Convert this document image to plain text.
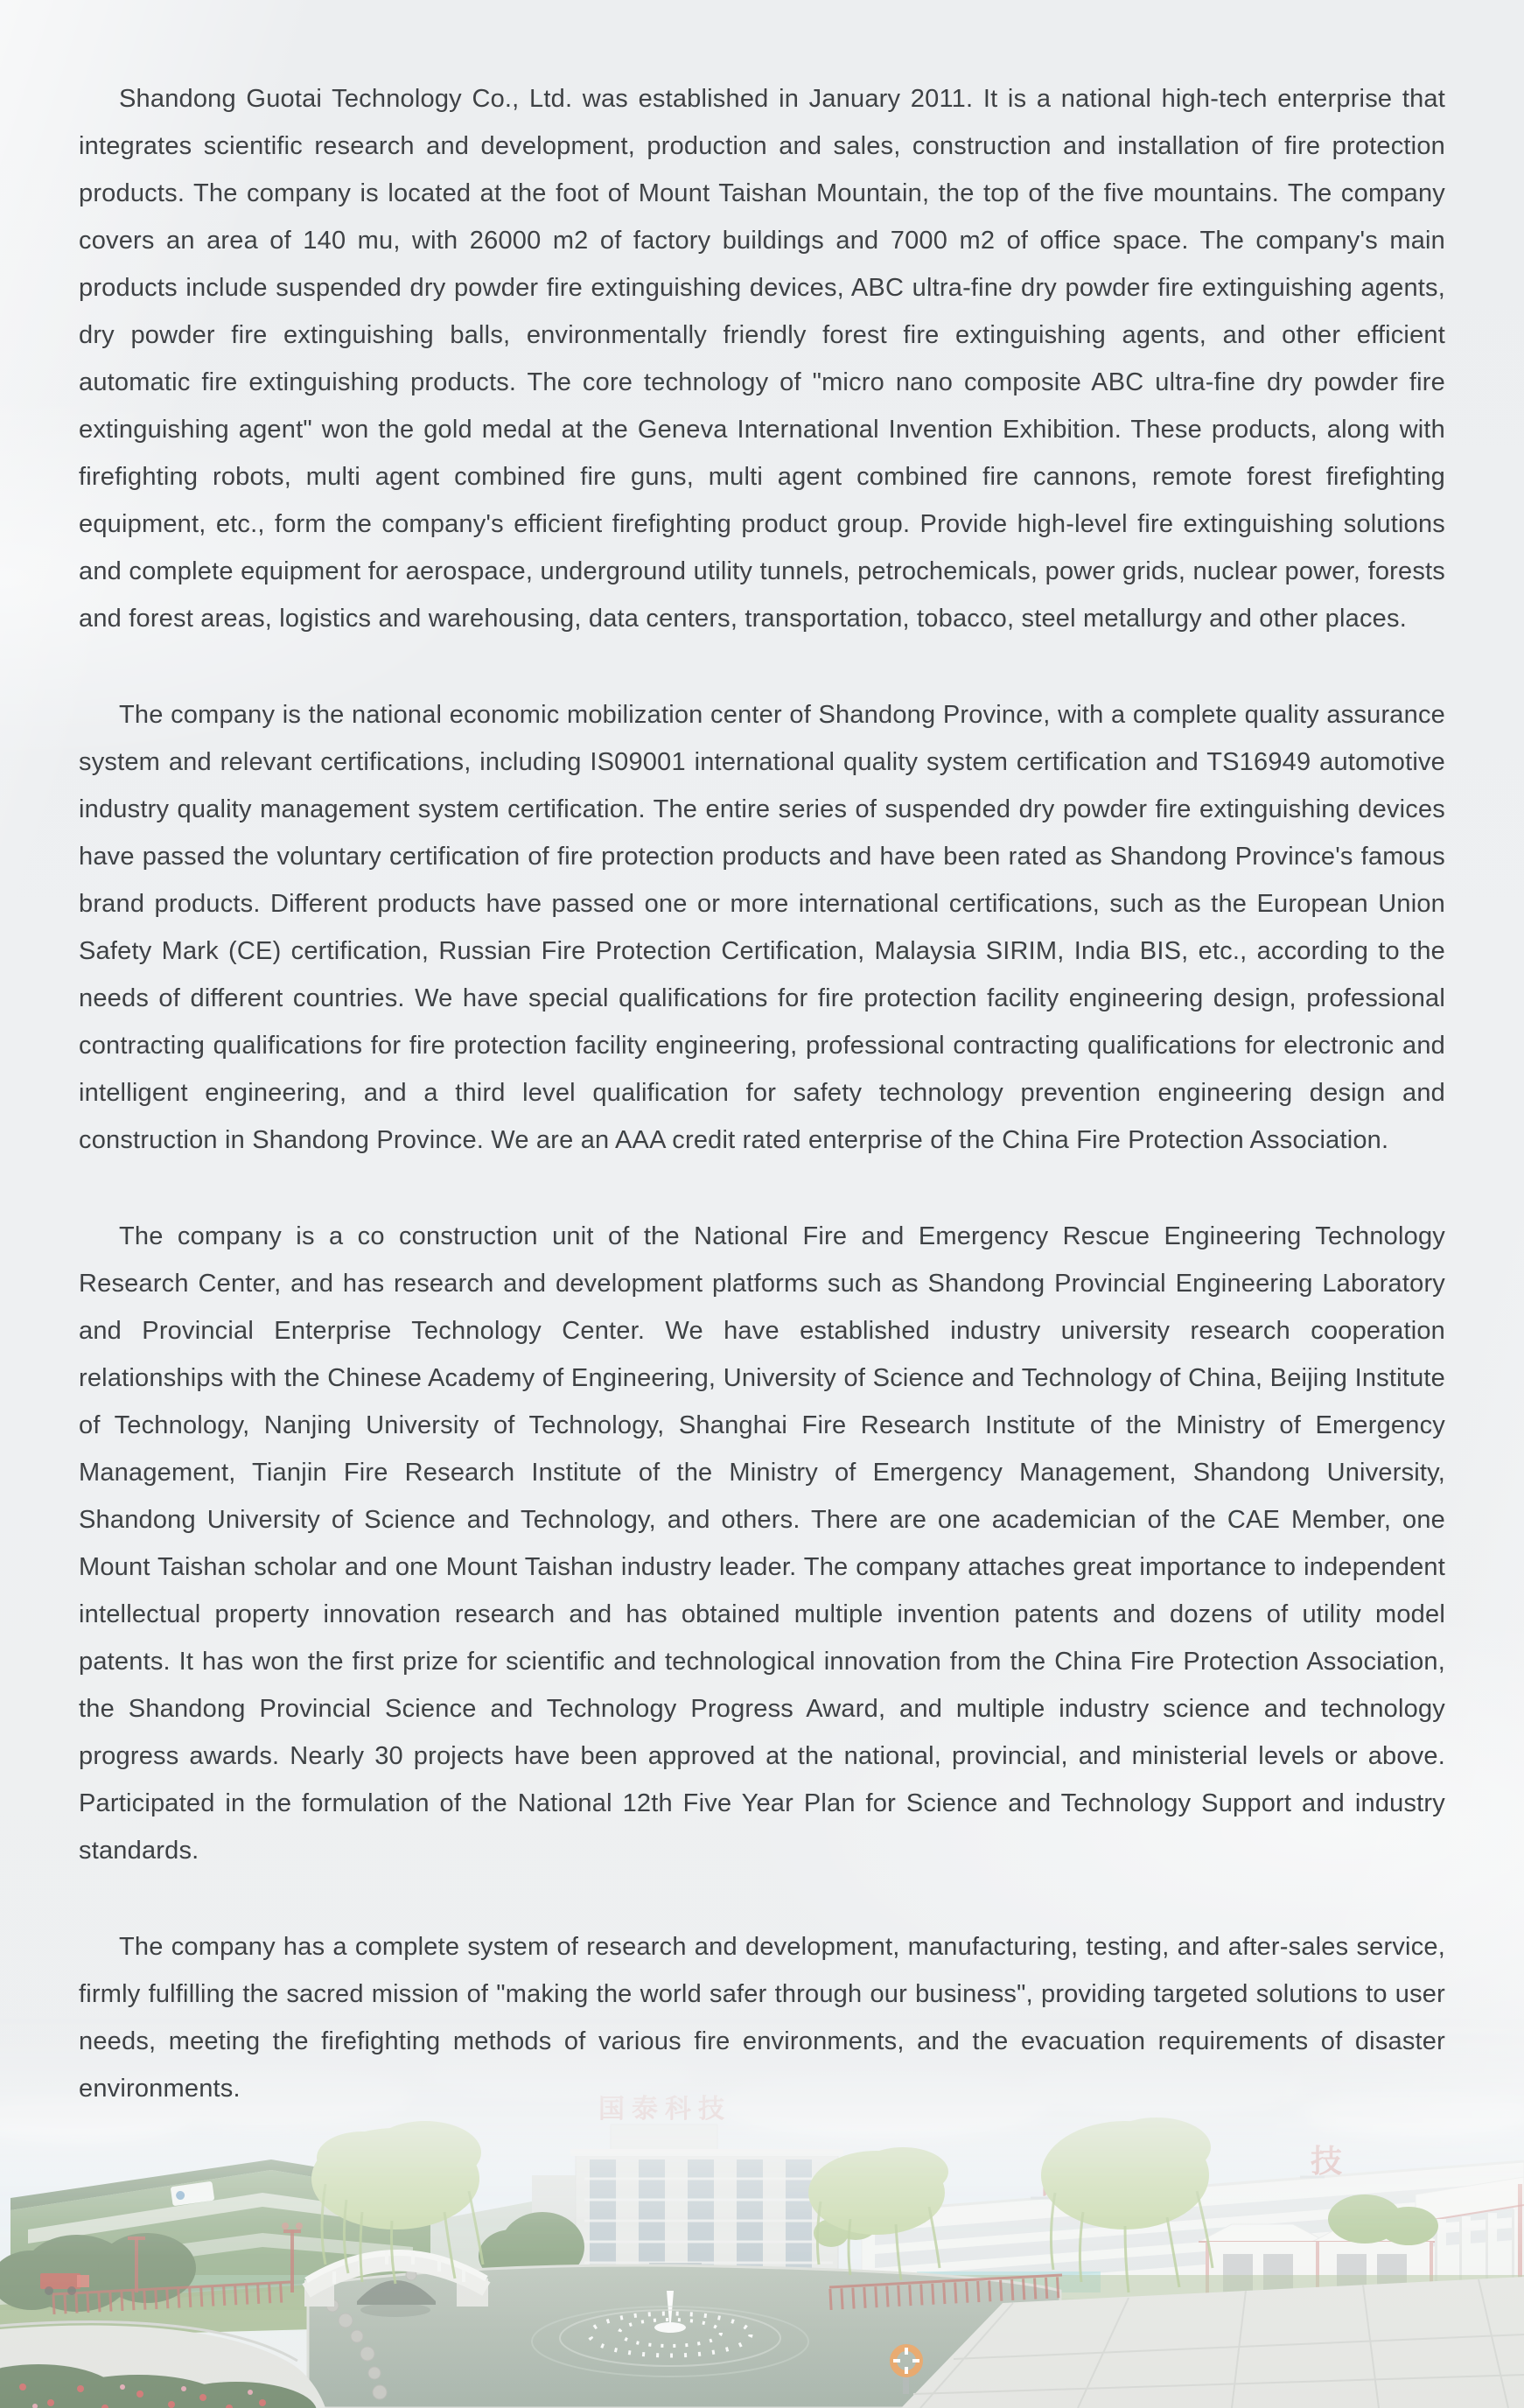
Shandong Guotai Technology Co., Ltd. was established in January 2011. It is a national high-tech enterprise that integrates scientific research and development, production and sales, construction and installation of fire protection products. The company is located at the foot of Mount Taishan Mountain, the top of the five mountains. The company covers an area of 140 mu, with 26000 m2 of factory buildings and 7000 m2 of office space. The company's main products include suspended dry powder fire extinguishing devices, ABC ultra-fine dry powder fire extinguishing agents, dry powder fire extinguishing balls, environmentally friendly forest fire extinguishing agents, and other efficient automatic fire extinguishing products. The core technology of "micro nano composite ABC ultra-fine dry powder fire extinguishing agent" won the gold medal at the Geneva International Invention Exhibition. These products, along with firefighting robots, multi agent combined fire guns, multi agent combined fire cannons, remote forest firefighting equipment, etc., form the company's efficient firefighting product group. Provide high-level fire extinguishing solutions and complete equipment for aerospace, underground utility tunnels, petrochemicals, power grids, nuclear power, forests and forest areas, logistics and warehousing, data centers, transportation, tobacco, steel metallurgy and other places.

The company is the national economic mobilization center of Shandong Province, with a complete quality assurance system and relevant certifications, including IS09001 international quality system certification and TS16949 automotive industry quality management system certification. The entire series of suspended dry powder fire extinguishing devices have passed the voluntary certification of fire protection products and have been rated as Shandong Province's famous brand products. Different products have passed one or more international certifications, such as the European Union Safety Mark (CE) certification, Russian Fire Protection Certification, Malaysia SIRIM, India BIS, etc., according to the needs of different countries. We have special qualifications for fire protection facility engineering design, professional contracting qualifications for fire protection facility engineering, professional contracting qualifications for electronic and intelligent engineering, and a third level qualification for safety technology prevention engineering design and construction in Shandong Province. We are an AAA credit rated enterprise of the China Fire Protection Association.

The company is a co construction unit of the National Fire and Emergency Rescue Engineering Technology Research Center, and has research and development platforms such as Shandong Provincial Engineering Laboratory and Provincial Enterprise Technology Center. We have established industry university research cooperation relationships with the Chinese Academy of Engineering, University of Science and Technology of China, Beijing Institute of Technology, Nanjing University of Technology, Shanghai Fire Research Institute of the Ministry of Emergency Management, Tianjin Fire Research Institute of the Ministry of Emergency Management, Shandong University, Shandong University of Science and Technology, and others. There are one academician of the CAE Member, one Mount Taishan scholar and one Mount Taishan industry leader. The company attaches great importance to independent intellectual property innovation research and has obtained multiple invention patents and dozens of utility model patents. It has won the first prize for scientific and technological innovation from the China Fire Protection Association, the Shandong Provincial Science and Technology Progress Award, and multiple industry science and technology progress awards. Nearly 30 projects have been approved at the national, provincial, and ministerial levels or above. Participated in the formulation of the National 12th Five Year Plan for Science and Technology Support and industry standards.

The company has a complete system of research and development, manufacturing, testing, and after-sales service, firmly fulfilling the sacred mission of "making the world safer through our business", providing targeted solutions to user needs, meeting the firefighting methods of various fire environments, and the evacuation requirements of disaster environments.
